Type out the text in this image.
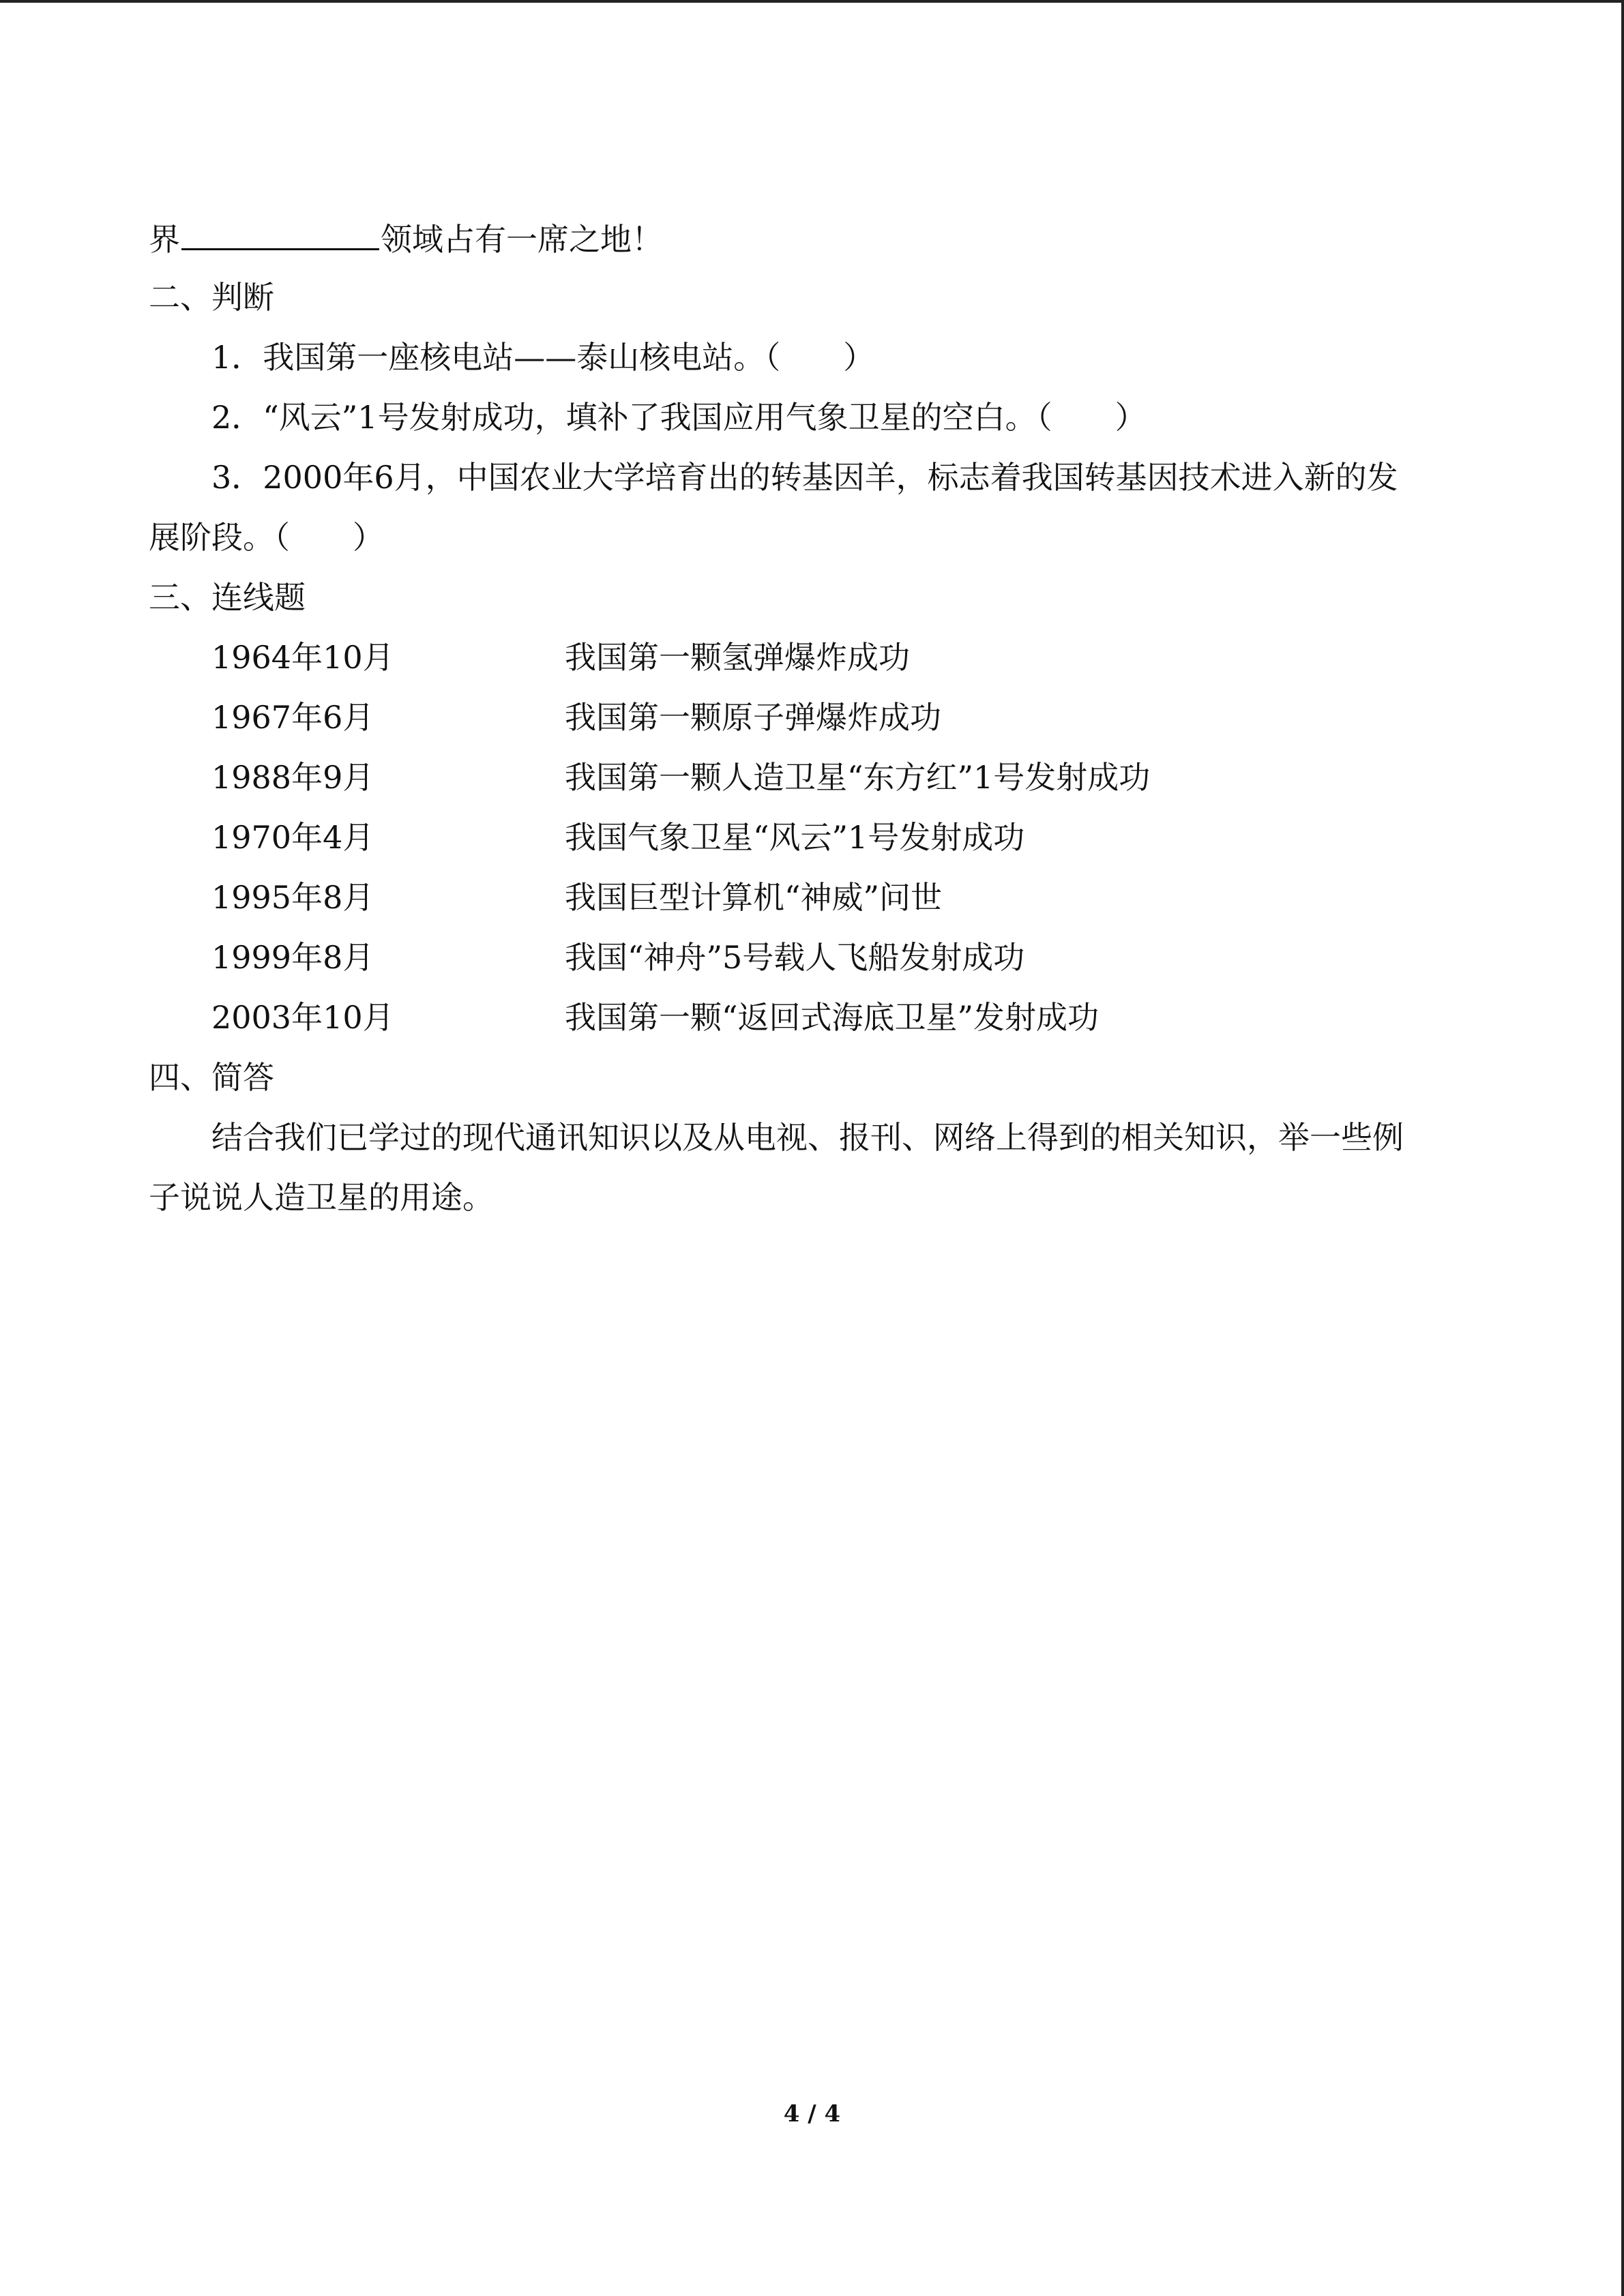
界	领域占有一席之地！
二、判断
1．我国第一座核电站——泰山核电站。（　　）
2．“风云”1号发射成功，填补了我国应用气象卫星的空白。（　　）
3．2000年6月，中国农业大学培育出的转基因羊，标志着我国转基因技术进入新的发
展阶段。（　　）
三、连线题
1964年10月	我国第一颗氢弹爆炸成功
1967年6月	我国第一颗原子弹爆炸成功
1988年9月	我国第一颗人造卫星“东方红”1号发射成功
1970年4月	我国气象卫星“风云”1号发射成功
1995年8月	我国巨型计算机“神威”问世
1999年8月	我国“神舟”5号载人飞船发射成功
2003年10月	我国第一颗“返回式海底卫星”发射成功
四、简答
结合我们已学过的现代通讯知识以及从电视、报刊、网络上得到的相关知识，举一些例
子说说人造卫星的用途。
4 / 4
